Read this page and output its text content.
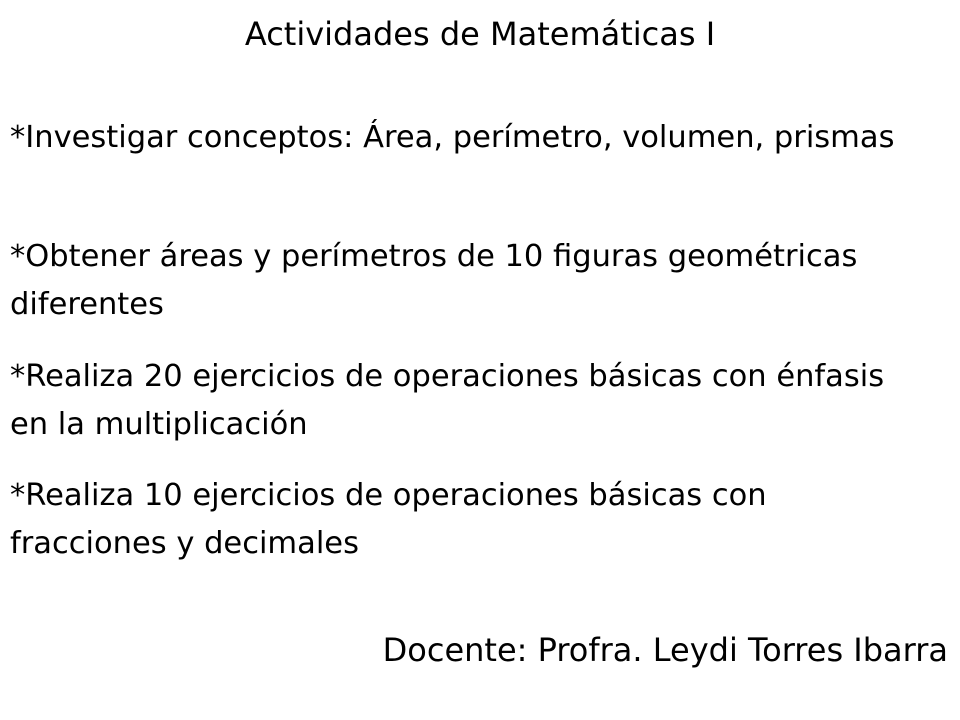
Actividades de Matemáticas I
*Investigar conceptos: Área, perímetro, volumen, prismas
*Obtener áreas y perímetros de 10 figuras geométricas diferentes
*Realiza 20 ejercicios de operaciones básicas con énfasis en la multiplicación
*Realiza 10 ejercicios de operaciones básicas con fracciones y decimales
Docente: Profra. Leydi Torres Ibarra
